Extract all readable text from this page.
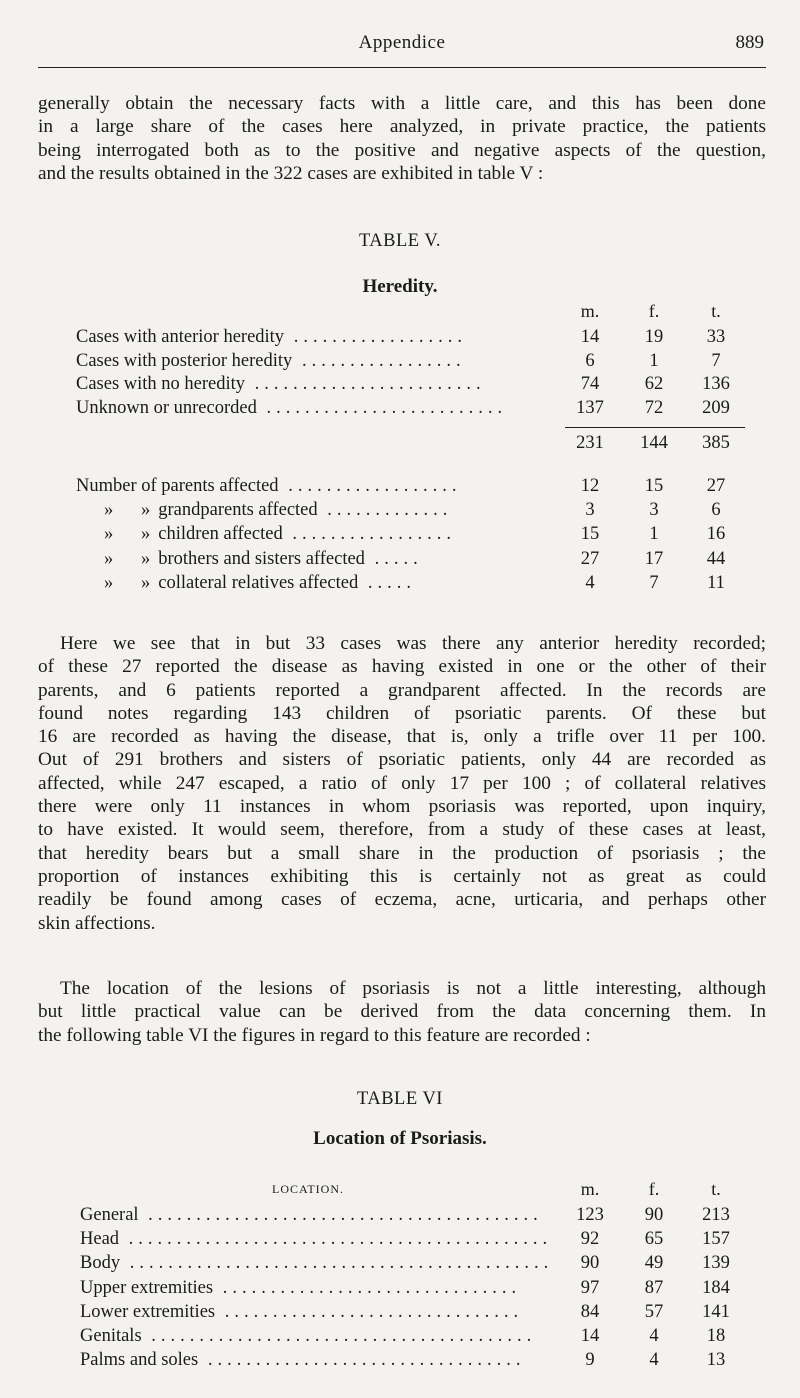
Appendice	889
generally obtain the necessary facts with a little care, and this has been done
in a large share of the cases here analyzed, in private practice, the patients
being interrogated both as to the positive and negative aspects of the question,
and the results obtained in the 322 cases are exhibited in table V :
TABLE V.
Heredity.
m.	f.	t.
Cases with anterior heredity ..................	14	19	33
Cases with posterior heredity .................	6	1	7
Cases with no heredity ........................	74	62	136
Unknown or unrecorded .........................	137	72	209
231	144	385
Number of parents affected ..................	12	15	27
»      » grandparents affected .............	3	3	6
»      » children affected .................	15	1	16
»      » brothers and sisters affected .....	27	17	44
»      » collateral relatives affected .....	4	7	11
Here we see that in but 33 cases was there any anterior heredity recorded;
of these 27 reported the disease as having existed in one or the other of their
parents, and 6 patients reported a grandparent affected. In the records are
found notes regarding 143 children of psoriatic parents. Of these but
16 are recorded as having the disease, that is, only a trifle over 11 per 100.
Out of 291 brothers and sisters of psoriatic patients, only 44 are recorded as
affected, while 247 escaped, a ratio of only 17 per 100 ; of collateral relatives
there were only 11 instances in whom psoriasis was reported, upon inquiry,
to have existed. It would seem, therefore, from a study of these cases at least,
that heredity bears but a small share in the production of psoriasis ; the
proportion of instances exhibiting this is certainly not as great as could
readily be found among cases of eczema, acne, urticaria, and perhaps other
skin affections.
The location of the lesions of psoriasis is not a little interesting, although
but little practical value can be derived from the data concerning them. In
the following table VI the figures in regard to this feature are recorded :
TABLE VI
Location of Psoriasis.
LOCATION.	m.	f.	t.
General .........................................	123	90	213
Head ............................................	92	65	157
Body ............................................	90	49	139
Upper extremities ...............................	97	87	184
Lower extremities ...............................	84	57	141
Genitals ........................................	14	4	18
Palms and soles .................................	9	4	13
